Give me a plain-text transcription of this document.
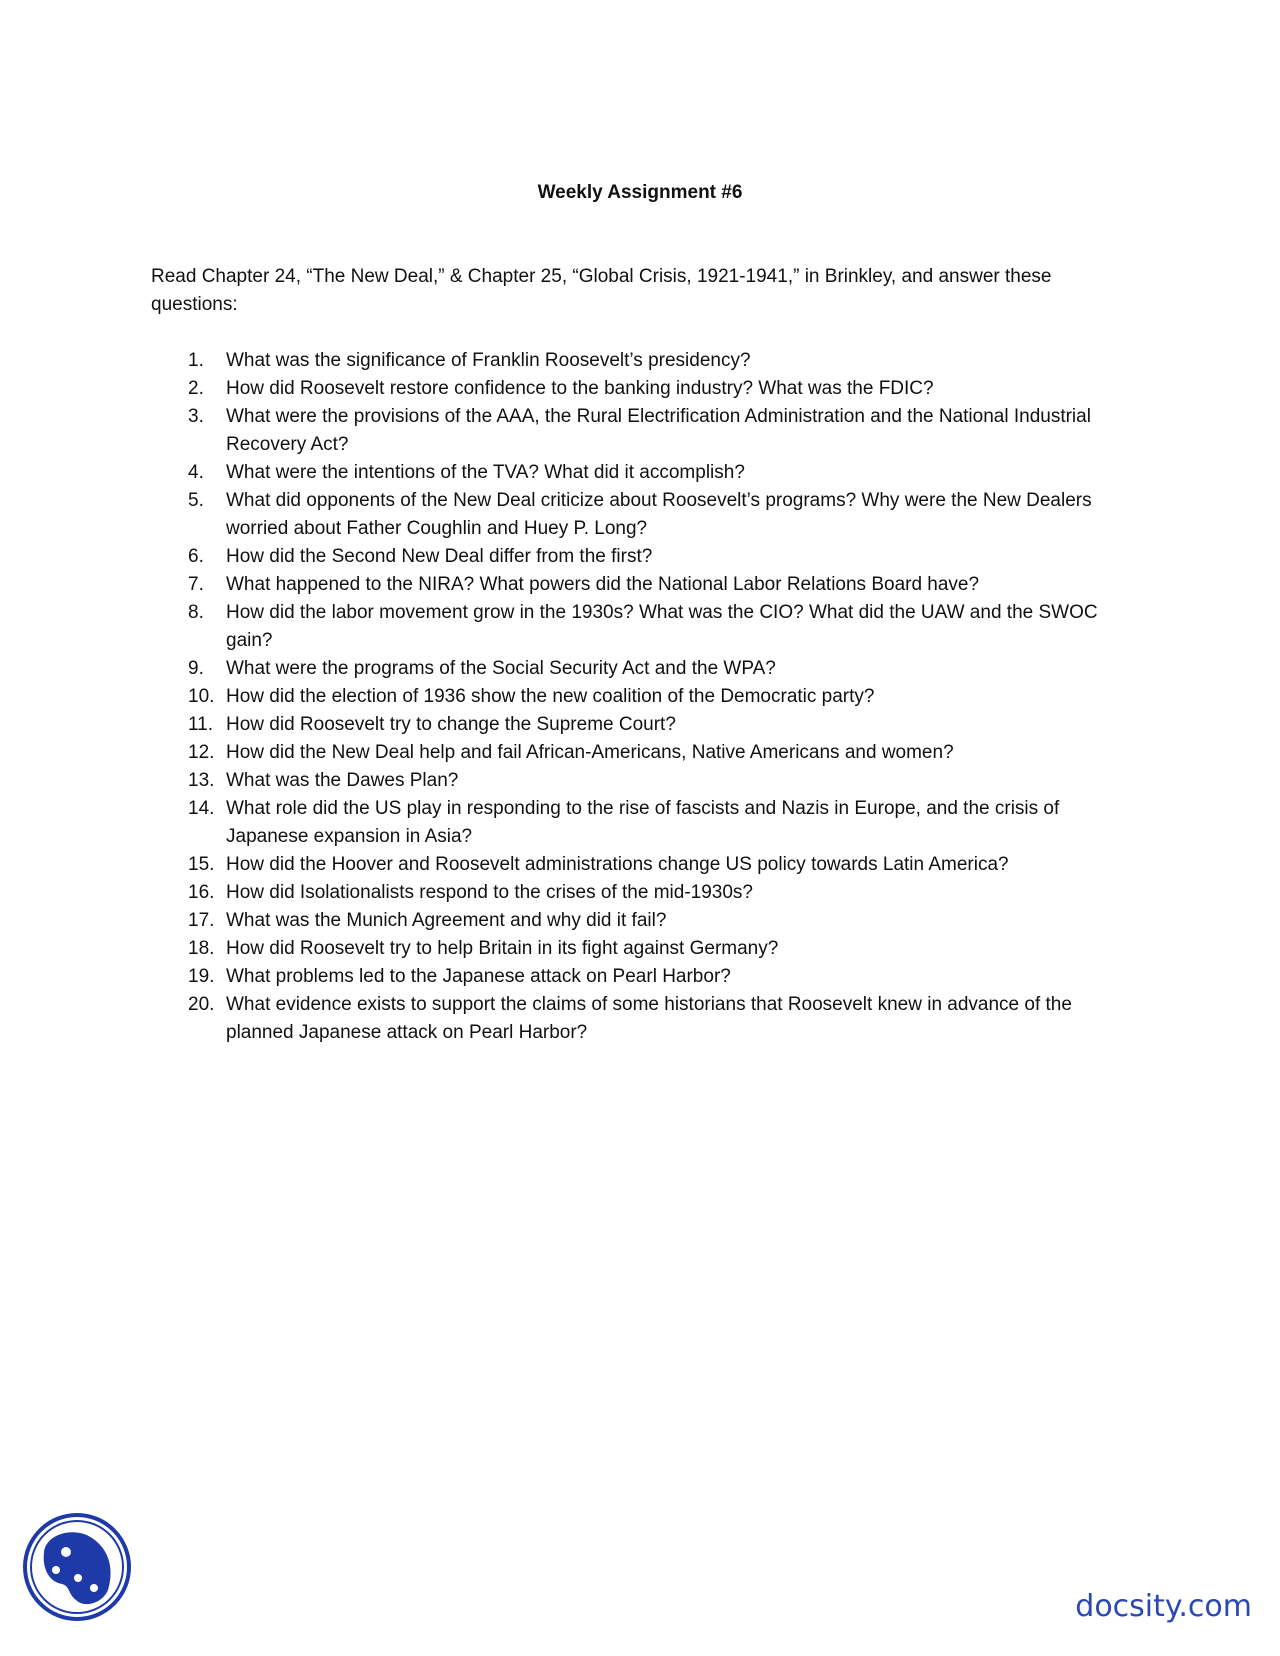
Weekly Assignment #6
Read Chapter 24, “The New Deal,” & Chapter 25, “Global Crisis, 1921-1941,” in Brinkley, and answer these questions:
1. What was the significance of Franklin Roosevelt’s presidency?
2. How did Roosevelt restore confidence to the banking industry? What was the FDIC?
3. What were the provisions of the AAA, the Rural Electrification Administration and the National Industrial Recovery Act?
4. What were the intentions of the TVA? What did it accomplish?
5. What did opponents of the New Deal criticize about Roosevelt’s programs? Why were the New Dealers worried about Father Coughlin and Huey P. Long?
6. How did the Second New Deal differ from the first?
7. What happened to the NIRA? What powers did the National Labor Relations Board have?
8. How did the labor movement grow in the 1930s? What was the CIO? What did the UAW and the SWOC gain?
9. What were the programs of the Social Security Act and the WPA?
10. How did the election of 1936 show the new coalition of the Democratic party?
11. How did Roosevelt try to change the Supreme Court?
12. How did the New Deal help and fail African-Americans, Native Americans and women?
13. What was the Dawes Plan?
14. What role did the US play in responding to the rise of fascists and Nazis in Europe, and the crisis of Japanese expansion in Asia?
15. How did the Hoover and Roosevelt administrations change US policy towards Latin America?
16. How did Isolationalists respond to the crises of the mid-1930s?
17. What was the Munich Agreement and why did it fail?
18. How did Roosevelt try to help Britain in its fight against Germany?
19. What problems led to the Japanese attack on Pearl Harbor?
20. What evidence exists to support the claims of some historians that Roosevelt knew in advance of the planned Japanese attack on Pearl Harbor?
docsity.com
